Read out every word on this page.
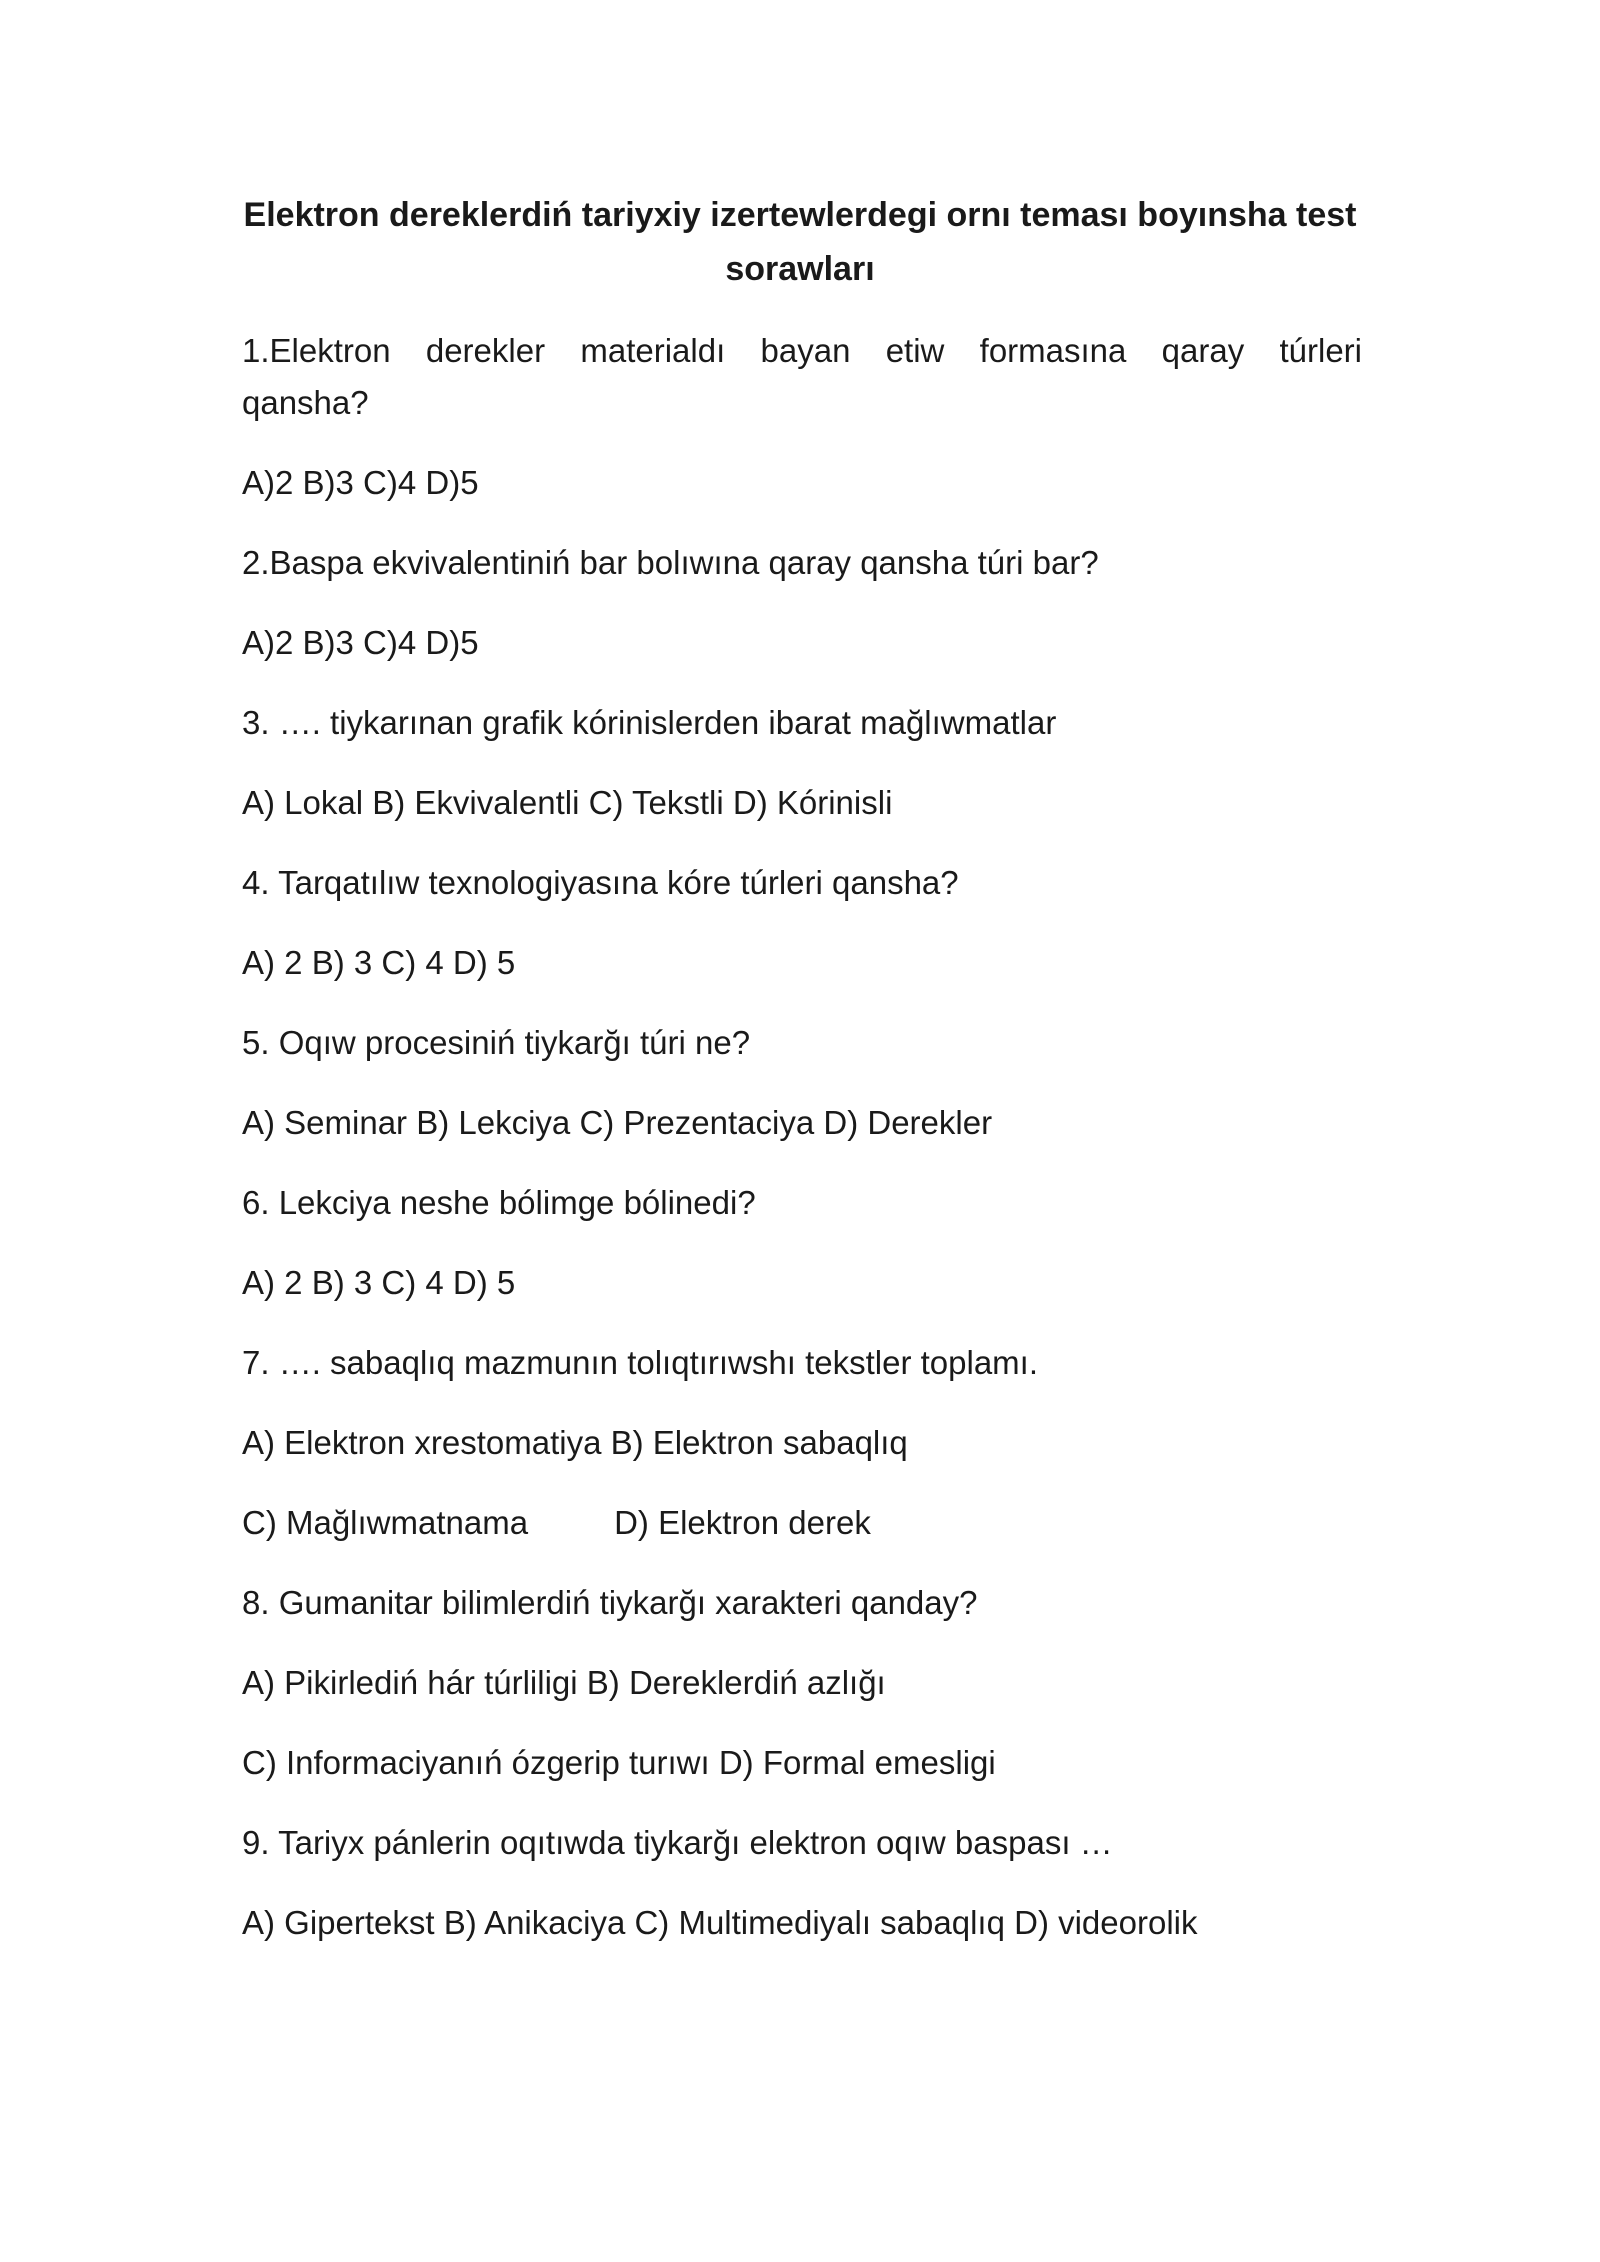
Elektron dereklerdiń tariyxiy izertewlerdegi ornı teması boyınsha test
sorawları
1.Elektron derekler materialdı bayan etiw formasına qaray túrleri
qansha?
A)2 B)3 C)4 D)5
2.Baspa ekvivalentiniń bar bolıwına qaray qansha túri bar?
A)2 B)3 C)4 D)5
3. …. tiykarınan grafik kórinislerden ibarat mağlıwmatlar
A) Lokal B) Ekvivalentli C) Tekstli D) Kórinisli
4. Tarqatılıw texnologiyasına kóre túrleri qansha?
A) 2 B) 3 C) 4 D) 5
5. Oqıw procesiniń tiykarğı túri ne?
A) Seminar B) Lekciya C) Prezentaciya D) Derekler
6. Lekciya neshe bólimge bólinedi?
A) 2 B) 3 C) 4 D) 5
7. …. sabaqlıq mazmunın tolıqtırıwshı tekstler toplamı.
A) Elektron xrestomatiya B) Elektron sabaqlıq
C) Mağlıwmatnama	D) Elektron derek
8. Gumanitar bilimlerdiń tiykarğı xarakteri qanday?
A) Pikirlediń hár túrliligi B) Dereklerdiń azlığı
C) Informaciyanıń ózgerip turıwı D) Formal emesligi
9. Tariyx pánlerin oqıtıwda tiykarğı elektron oqıw baspası …
A) Gipertekst B) Anikaciya C) Multimediyalı sabaqlıq D) videorolik
